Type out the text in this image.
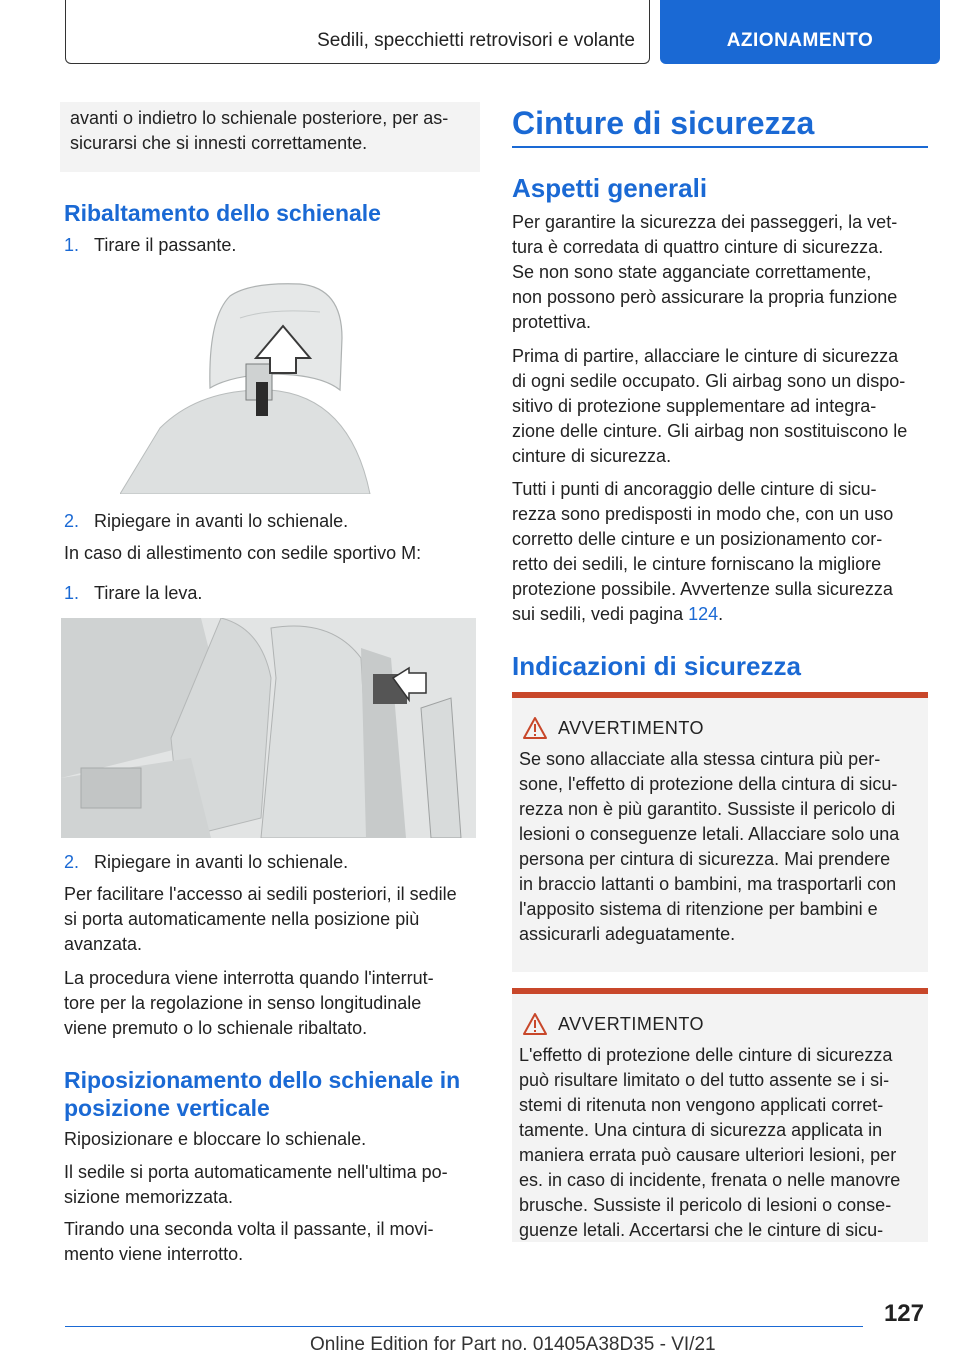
Sedili, specchietti retrovisori e volante	AZIONAMENTO

avanti o indietro lo schienale posteriore, per as-

sicurarsi che si innesti correttamente.

Ribaltamento dello schienale
1. Tirare il passante.
2. Ripiegare in avanti lo schienale.
In caso di allestimento con sedile sportivo M:
1. Tirare la leva.
2. Ripiegare in avanti lo schienale.

Per facilitare l'accesso ai sedili posteriori, il sedile

si porta automaticamente nella posizione più

avanzata.

La procedura viene interrotta quando l'interrut-

tore per la regolazione in senso longitudinale

viene premuto o lo schienale ribaltato.

Riposizionamento dello schienale in
posizione verticale
Riposizionare e bloccare lo schienale.

Il sedile si porta automaticamente nell'ultima po-

sizione memorizzata.

Tirando una seconda volta il passante, il movi-

mento viene interrotto.

Cinture di sicurezza
Aspetti generali

Per garantire la sicurezza dei passeggeri, la vet-

tura è corredata di quattro cinture di sicurezza.

Se non sono state agganciate correttamente,

non possono però assicurare la propria funzione

protettiva.

Prima di partire, allacciare le cinture di sicurezza

di ogni sedile occupato. Gli airbag sono un dispo-

sitivo di protezione supplementare ad integra-

zione delle cinture. Gli airbag non sostituiscono le

cinture di sicurezza.

Tutti i punti di ancoraggio delle cinture di sicu-

rezza sono predisposti in modo che, con un uso

corretto delle cinture e un posizionamento cor-

retto dei sedili, le cinture forniscano la migliore

protezione possibile. Avvertenze sulla sicurezza

sui sedili, vedi pagina 124.

Indicazioni di sicurezza
AVVERTIMENTO

Se sono allacciate alla stessa cintura più per-

sone, l'effetto di protezione della cintura di sicu-

rezza non è più garantito. Sussiste il pericolo di

lesioni o conseguenze letali. Allacciare solo una

persona per cintura di sicurezza. Mai prendere

in braccio lattanti o bambini, ma trasportarli con

l'apposito sistema di ritenzione per bambini e

assicurarli adeguatamente.

AVVERTIMENTO

L'effetto di protezione delle cinture di sicurezza

può risultare limitato o del tutto assente se i si-

stemi di ritenuta non vengono applicati corret-

tamente. Una cintura di sicurezza applicata in

maniera errata può causare ulteriori lesioni, per

es. in caso di incidente, frenata o nelle manovre

brusche. Sussiste il pericolo di lesioni o conse-

guenze letali. Accertarsi che le cinture di sicu-

127
Online Edition for Part no. 01405A38D35 - VI/21
